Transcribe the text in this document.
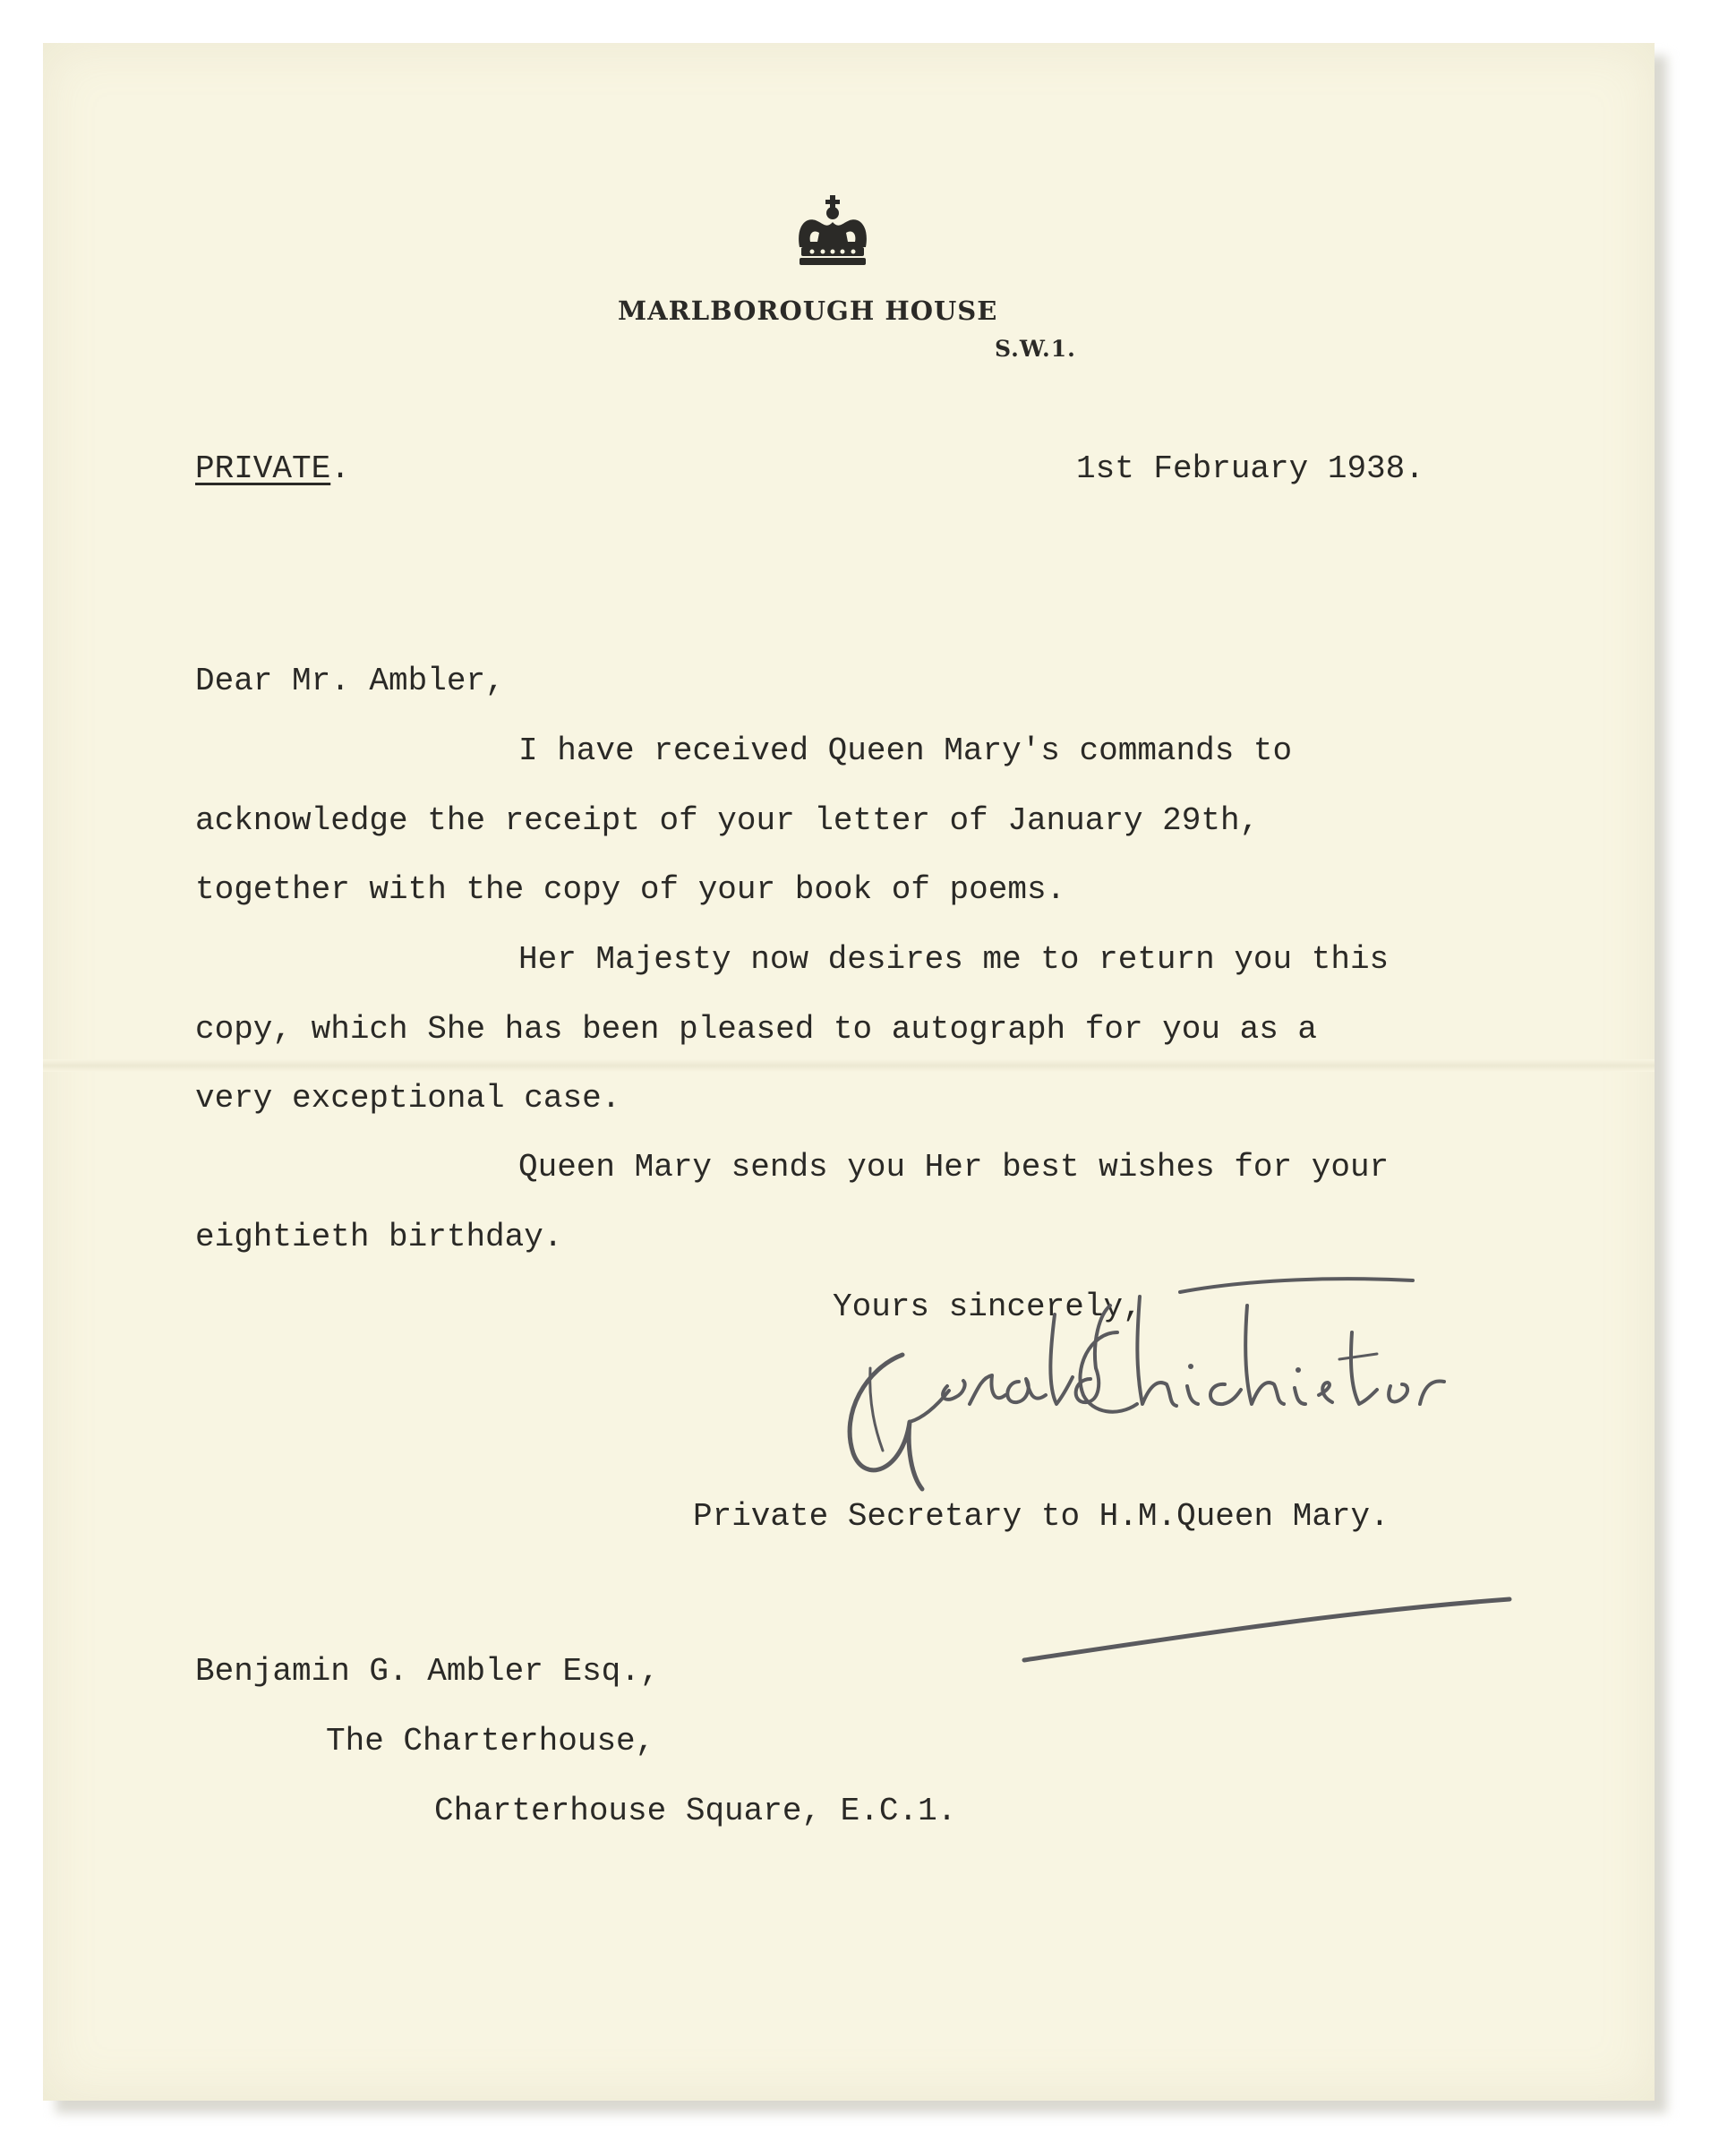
MARLBOROUGH HOUSE
S.W.1.
PRIVATE.	1st February 1938.
Dear Mr. Ambler,
I have received Queen Mary's commands to
acknowledge the receipt of your letter of January 29th,
together with the copy of your book of poems.
Her Majesty now desires me to return you this
copy, which She has been pleased to autograph for you as a
very exceptional case.
Queen Mary sends you Her best wishes for your
eightieth birthday.
Yours sincerely,
Private Secretary to H.M.Queen Mary.
Benjamin G. Ambler Esq.,
The Charterhouse,
Charterhouse Square, E.C.1.
